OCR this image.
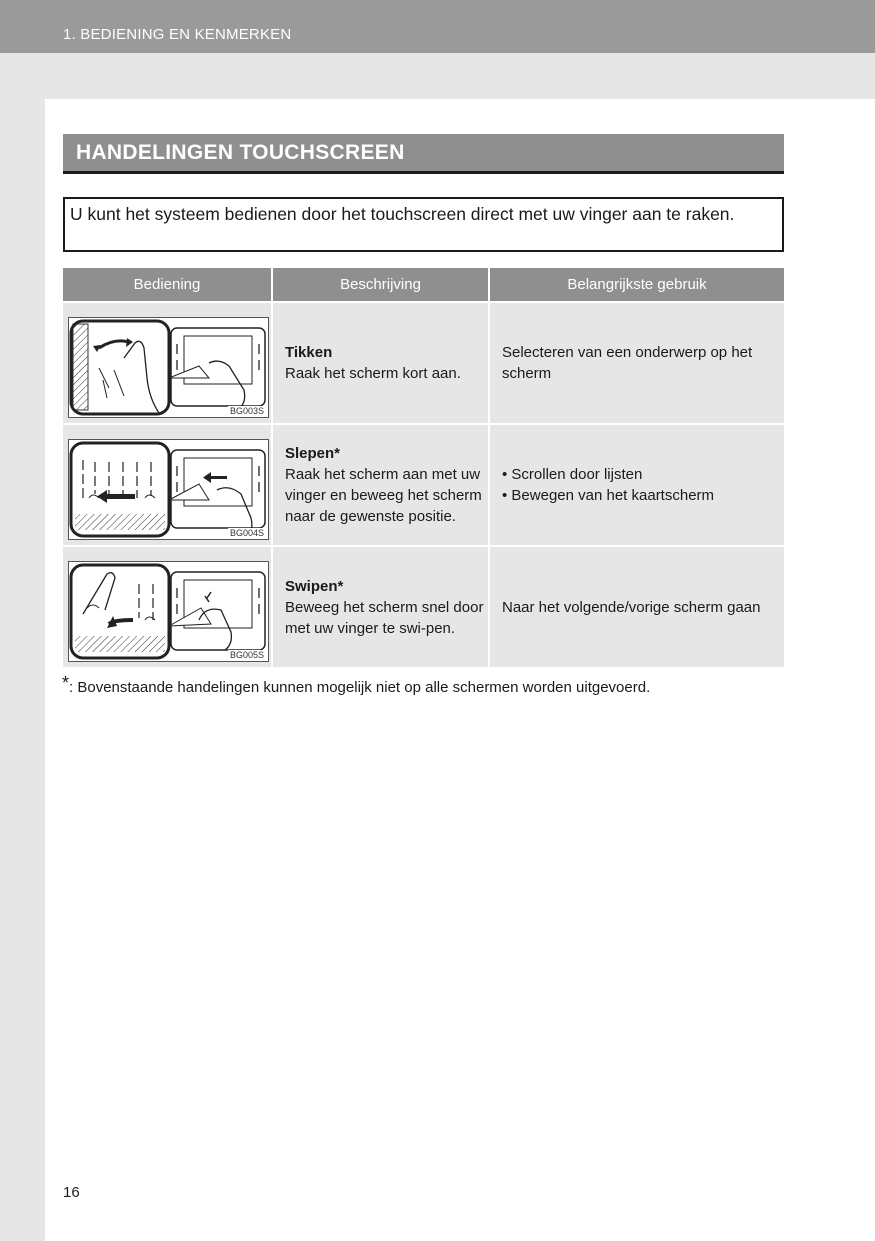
1. BEDIENING EN KENMERKEN
HANDELINGEN TOUCHSCREEN
U kunt het systeem bedienen door het touchscreen direct met uw vinger aan te raken.
Bediening	Beschrijving	Belangrijkste gebruik
BG003S
Tikken
Raak het scherm kort aan.
Selecteren van een onderwerp op het scherm
BG004S
Slepen*
Raak het scherm aan met uw vinger en beweeg het scherm naar de gewenste positie.
• Scrollen door lijsten
• Bewegen van het kaartscherm
BG005S
Swipen*
Beweeg het scherm snel door met uw vinger te swi-pen.
Naar het volgende/vorige scherm gaan
*: Bovenstaande handelingen kunnen mogelijk niet op alle schermen worden uitgevoerd.
16
